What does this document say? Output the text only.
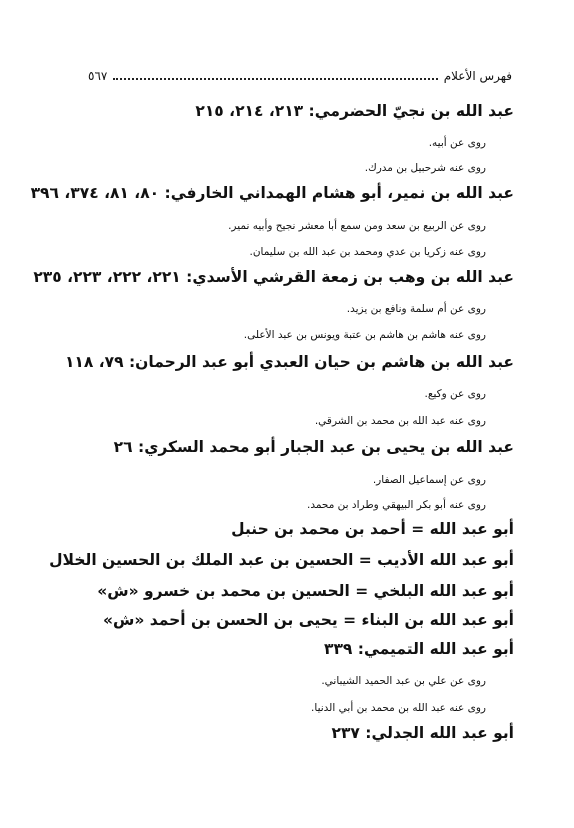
فهرس الأعلام
٥٦٧
عبد الله بن نجيّ الحضرمي: ٢١٣، ٢١٤، ٢١٥
روى عن أبيه.
روى عنه شرحبيل بن مدرك.
عبد الله بن نمير، أبو هشام الهمداني الخارفي: ٨٠، ٨١، ٣٧٤، ٣٩٦
روى عن الربيع بن سعد ومن سمع أبا معشر نجيح وأبيه نمير.
روى عنه زكريا بن عدي ومحمد بن عبد الله بن سليمان.
عبد الله بن وهب بن زمعة القرشي الأسدي: ٢٢١، ٢٢٢، ٢٢٣، ٢٣٥
روى عن أم سلمة ونافع بن يزيد.
روى عنه هاشم بن هاشم بن عتبة ويونس بن عبد الأعلى.
عبد الله بن هاشم بن حيان العبدي أبو عبد الرحمان: ٧٩، ١١٨
روى عن وكيع.
روى عنه عبد الله بن محمد بن الشرقي.
عبد الله بن يحيى بن عبد الجبار أبو محمد السكري: ٢٦
روى عن إسماعيل الصفار.
روى عنه أبو بكر البيهقي وطراد بن محمد.
أبو عبد الله = أحمد بن محمد بن حنبل
أبو عبد الله الأديب = الحسين بن عبد الملك بن الحسين الخلال
أبو عبد الله البلخي = الحسين بن محمد بن خسرو «ش»
أبو عبد الله بن البناء = يحيى بن الحسن بن أحمد «ش»
أبو عبد الله التميمي: ٣٣٩
روى عن علي بن عبد الحميد الشيباني.
روى عنه عبد الله بن محمد بن أبي الدنيا.
أبو عبد الله الجدلي: ٢٣٧
